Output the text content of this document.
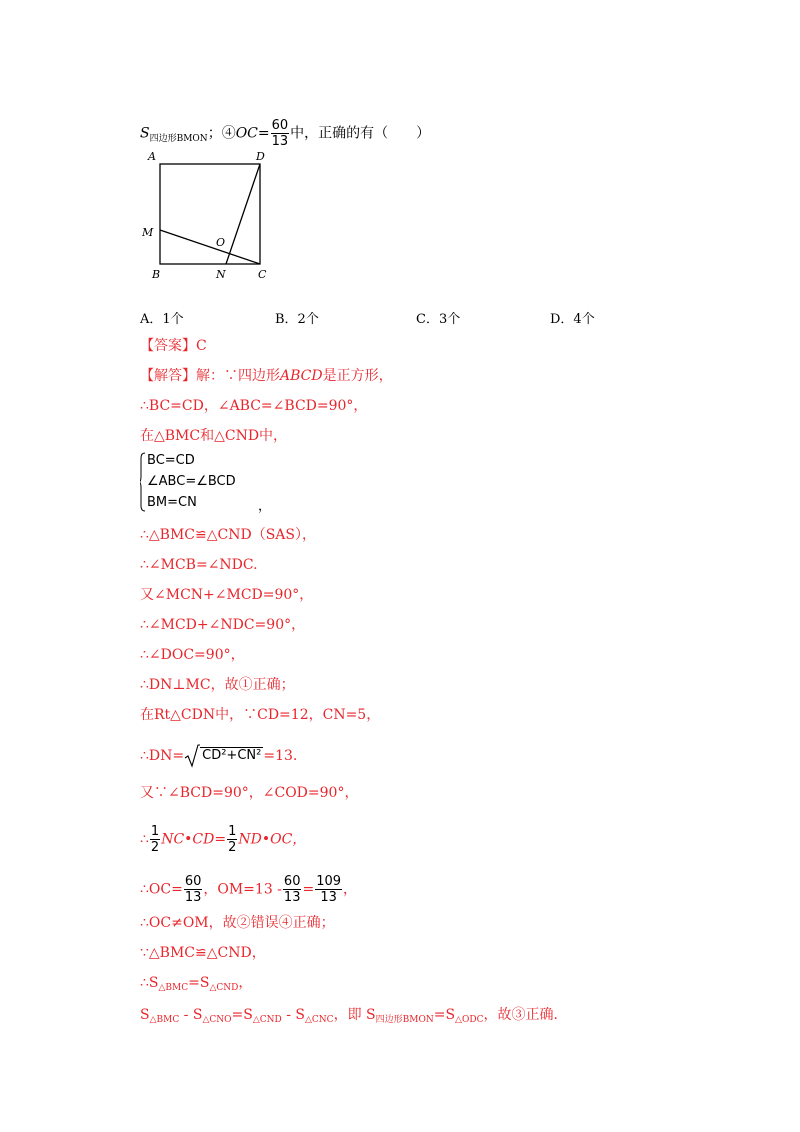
$S_{四边形BMON}$；④OC= $\frac{60}{13}$ 中，正确的有（　　）
A	D
M
O
B	N	C
A．1个	B．2个	C．3个	D．4个
【答案】C
【解答】解：∵四边形ABCD是正方形，
∴BC=CD，∠ABC=∠BCD=90°，
在△BMC和△CND中，
BC=CD
∠ABC=∠BCD
BM=CN	，
∴△BMC≌△CND（SAS），
∴∠MCB=∠NDC.
又∠MCN+∠MCD=90°，
∴∠MCD+∠NDC=90°，
∴∠DOC=90°，
∴DN⊥MC，故①正确；
在Rt△CDN中，∵CD=12，CN=5，
∴DN= CD²+CN² =13.
又∵∠BCD=90°，∠COD=90°，
∴ $\frac{1}{2}$ NC•CD= $\frac{1}{2}$ ND•OC，
∴OC= $\frac{60}{13}$ ，$OM=13 - \frac{60}{13} = \frac{109}{13}$ ，
∴OC≠OM，故②错误④正确；
∵△BMC≌△CND，
$\therefore S_{\triangle BMC}=S_{\triangle CND}$，
$S_{\triangle BMC} - S_{\triangle CNO}=S_{\triangle CND} - S_{\triangle CNC}$，即 $S_{四边形BMON}=S_{\triangle ODC}$，故③正确.
